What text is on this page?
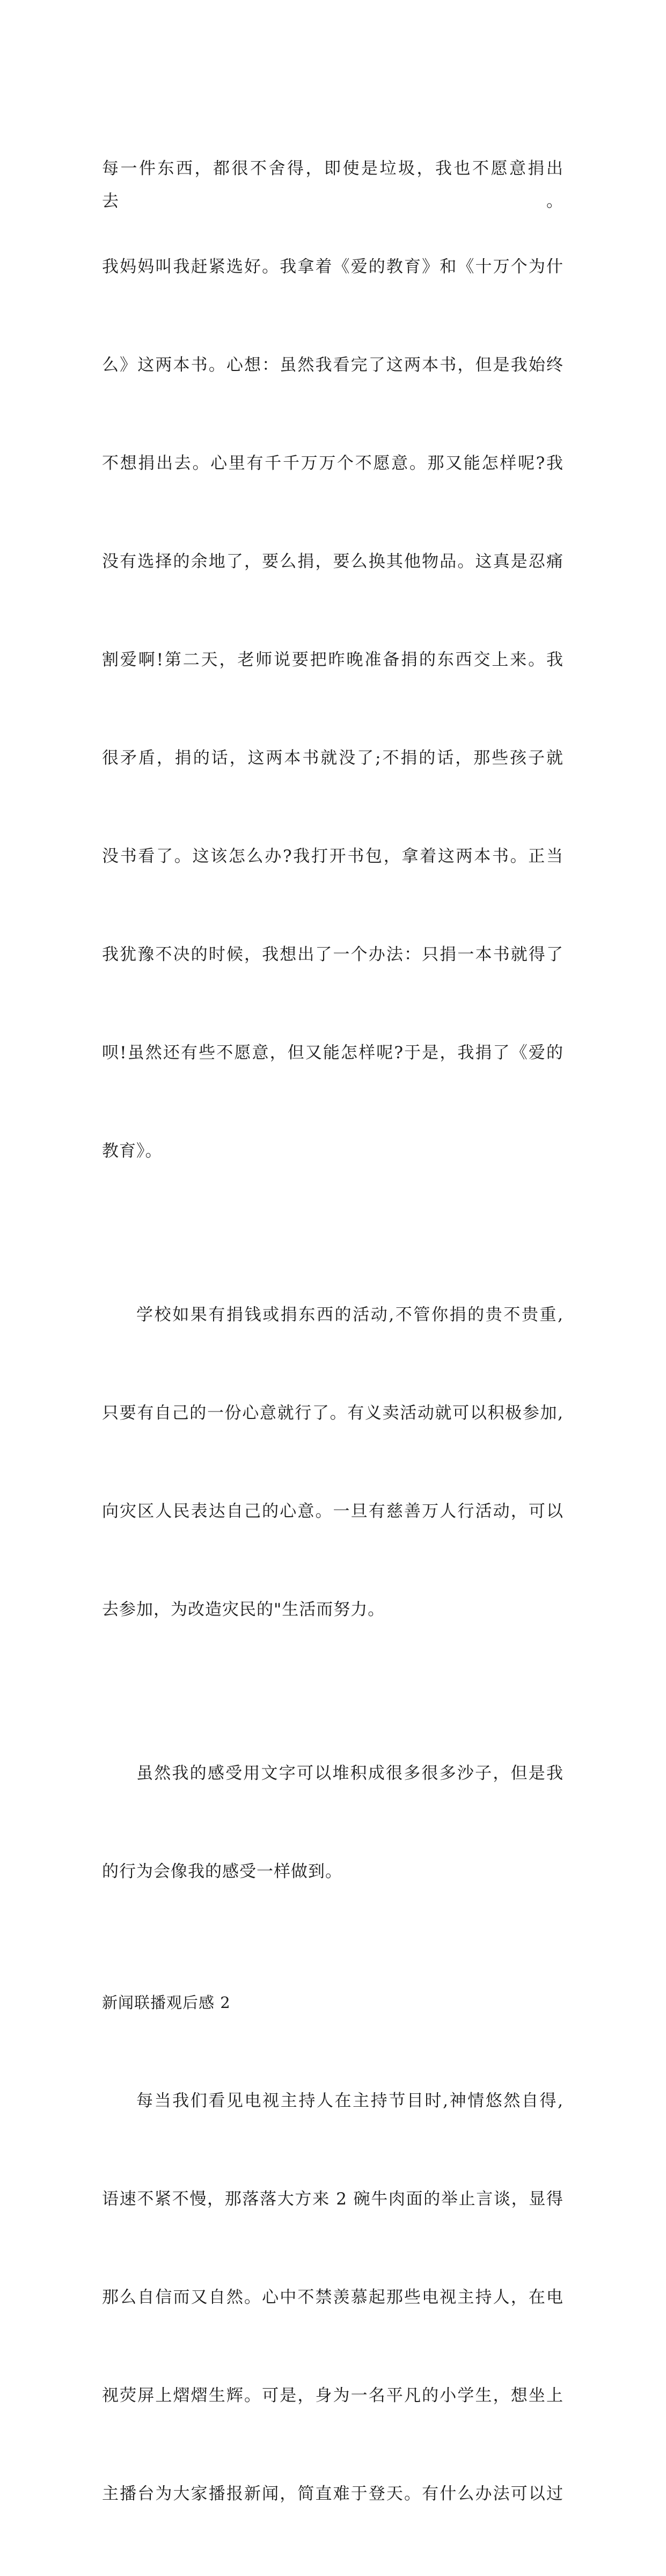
每一件东西，都很不舍得，即使是垃圾，我也不愿意捐出去。

我妈妈叫我赶紧选好。我拿着《爱的教育》和《十万个为什

么》这两本书。心想：虽然我看完了这两本书，但是我始终

不想捐出去。心里有千千万万个不愿意。那又能怎样呢?我

没有选择的余地了，要么捐，要么换其他物品。这真是忍痛

割爱啊!第二天，老师说要把昨晚准备捐的东西交上来。我

很矛盾，捐的话，这两本书就没了;不捐的话，那些孩子就

没书看了。这该怎么办?我打开书包，拿着这两本书。正当

我犹豫不决的时候，我想出了一个办法：只捐一本书就得了

呗!虽然还有些不愿意，但又能怎样呢?于是，我捐了《爱的

教育》。

学校如果有捐钱或捐东西的活动,不管你捐的贵不贵重,

只要有自己的一份心意就行了。有义卖活动就可以积极参加,

向灾区人民表达自己的心意。一旦有慈善万人行活动，可以

去参加，为改造灾民的"生活而努力。

虽然我的感受用文字可以堆积成很多很多沙子，但是我

的行为会像我的感受一样做到。

新闻联播观后感 2

每当我们看见电视主持人在主持节目时,神情悠然自得,

语速不紧不慢，那落落大方来 2 碗牛肉面的举止言谈，显得

那么自信而又自然。心中不禁羡慕起那些电视主持人，在电

视荧屏上熠熠生辉。可是，身为一名平凡的小学生，想坐上

主播台为大家播报新闻，简直难于登天。有什么办法可以过
